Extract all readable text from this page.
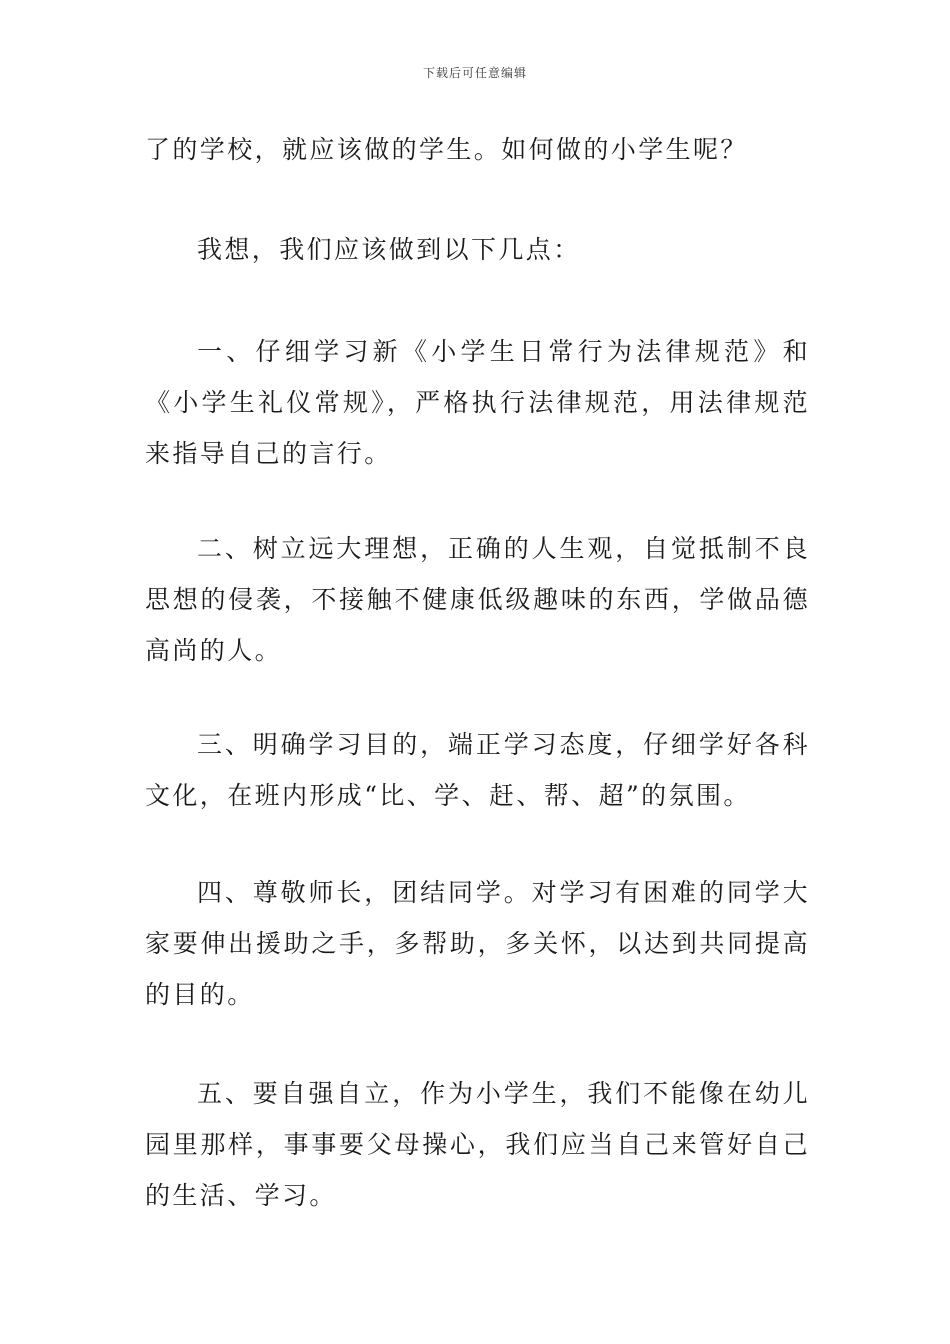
下载后可任意编辑

了的学校，就应该做的学生。如何做的小学生呢？

我想，我们应该做到以下几点：

一、仔细学习新《小学生日常行为法律规范》和《小学生礼仪常规》，严格执行法律规范，用法律规范来指导自己的言行。

二、树立远大理想，正确的人生观，自觉抵制不良思想的侵袭，不接触不健康低级趣味的东西，学做品德高尚的人。

三、明确学习目的，端正学习态度，仔细学好各科文化，在班内形成“比、学、赶、帮、超”的氛围。

四、尊敬师长，团结同学。对学习有困难的同学大家要伸出援助之手，多帮助，多关怀，以达到共同提高的目的。

五、要自强自立，作为小学生，我们不能像在幼儿园里那样，事事要父母操心，我们应当自己来管好自己的生活、学习。
